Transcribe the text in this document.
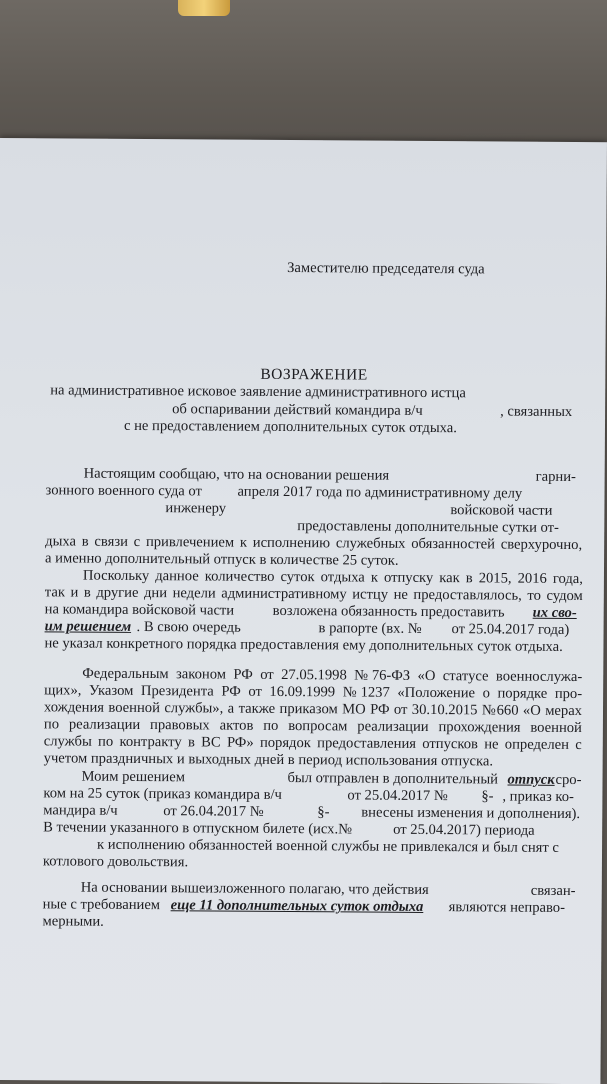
Заместителю председателя суда
ВОЗРАЖЕНИЕ
на административное исковое заявление административного истца
об оспаривании действий командира в/ч	, связанных
с не предоставлением дополнительных суток отдыха.
Настоящим сообщаю, что на основании решения	гарни-
зонного военного суда от апреля 2017 года по административному делу
инженеру	войсковой части
предоставлены дополнительные сутки от-
дыха в связи с привлечением к исполнению служебных обязанностей сверхурочно,
а именно дополнительный отпуск в количестве 25 суток.
Поскольку данное количество суток отдыха к отпуску как в 2015, 2016 года,
так и в другие дни недели административному истцу не предоставлялось, то судом
на командира войсковой части	возложена обязанность предоставить их сво-
им решением . В свою очередь	в рапорте (вх. № от 25.04.2017 года)
не указал конкретного порядка предоставления ему дополнительных суток отдыха.
Федеральным законом РФ от 27.05.1998 №76-ФЗ «О статусе военнослужа-
щих», Указом Президента РФ от 16.09.1999 №1237 «Положение о порядке про-
хождения военной службы», а также приказом МО РФ от 30.10.2015 №660 «О мерах
по реализации правовых актов по вопросам реализации прохождения военной
службы по контракту в ВС РФ» порядок предоставления отпусков не определен с
учетом праздничных и выходных дней в период использования отпуска.
Моим решением	был отправлен в дополнительный отпуск сро-
ком на 25 суток (приказ командира в/ч	от 25.04.2017 № §- , приказ ко-
мандира в/ч	от 26.04.2017 №	§- внесены изменения и дополнения).
В течении указанного в отпускном билете (исх.№	от 25.04.2017) периода
к исполнению обязанностей военной службы не привлекался и был снят с
котлового довольствия.
На основании вышеизложенного полагаю, что действия	связан-
ные с требованием еще 11 дополнительных суток отдыха являются неправо-
мерными.
